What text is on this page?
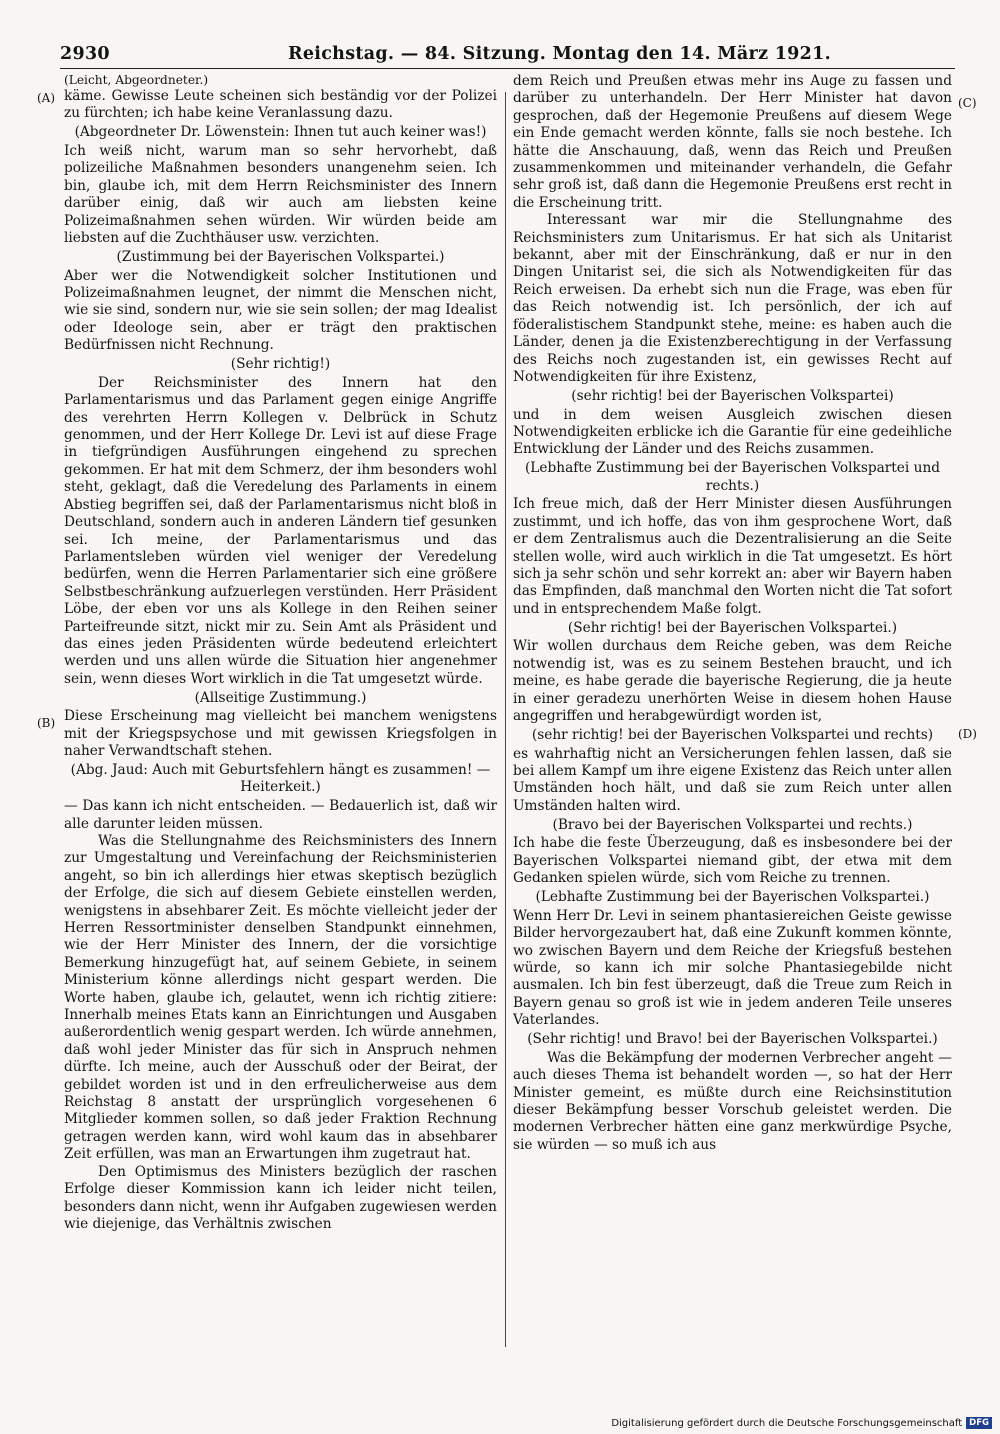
2930	Reichstag. — 84. Sitzung. Montag den 14. März 1921.
(A)
(B)
(C)
(D)

(Leicht, Abgeordneter.)

käme. Gewisse Leute scheinen sich beständig vor der Polizei zu fürchten; ich habe keine Veranlassung dazu.

(Abgeordneter Dr. Löwenstein: Ihnen tut auch keiner was!)

Ich weiß nicht, warum man so sehr hervorhebt, daß polizeiliche Maßnahmen besonders unangenehm seien. Ich bin, glaube ich, mit dem Herrn Reichsminister des Innern darüber einig, daß wir auch am liebsten keine Polizeimaßnahmen sehen würden. Wir würden beide am liebsten auf die Zuchthäuser usw. verzichten.

(Zustimmung bei der Bayerischen Volkspartei.)

Aber wer die Notwendigkeit solcher Institutionen und Polizeimaßnahmen leugnet, der nimmt die Menschen nicht, wie sie sind, sondern nur, wie sie sein sollen; der mag Idealist oder Ideologe sein, aber er trägt den praktischen Bedürfnissen nicht Rechnung.

(Sehr richtig!)

Der Reichsminister des Innern hat den Parlamentarismus und das Parlament gegen einige Angriffe des verehrten Herrn Kollegen v. Delbrück in Schutz genommen, und der Herr Kollege Dr. Levi ist auf diese Frage in tiefgründigen Ausführungen eingehend zu sprechen gekommen. Er hat mit dem Schmerz, der ihm besonders wohl steht, geklagt, daß die Veredelung des Parlaments in einem Abstieg begriffen sei, daß der Parlamentarismus nicht bloß in Deutschland, sondern auch in anderen Ländern tief gesunken sei. Ich meine, der Parlamentarismus und das Parlamentsleben würden viel weniger der Veredelung bedürfen, wenn die Herren Parlamentarier sich eine größere Selbstbeschränkung aufzuerlegen verstünden. Herr Präsident Löbe, der eben vor uns als Kollege in den Reihen seiner Parteifreunde sitzt, nickt mir zu. Sein Amt als Präsident und das eines jeden Präsidenten würde bedeutend erleichtert werden und uns allen würde die Situation hier angenehmer sein, wenn dieses Wort wirklich in die Tat umgesetzt würde.

(Allseitige Zustimmung.)

Diese Erscheinung mag vielleicht bei manchem wenigstens mit der Kriegspsychose und mit gewissen Kriegsfolgen in naher Verwandtschaft stehen.

(Abg. Jaud: Auch mit Geburtsfehlern hängt es zusammen! — Heiterkeit.)

— Das kann ich nicht entscheiden. — Bedauerlich ist, daß wir alle darunter leiden müssen.

Was die Stellungnahme des Reichsministers des Innern zur Umgestaltung und Vereinfachung der Reichsministerien angeht, so bin ich allerdings hier etwas skeptisch bezüglich der Erfolge, die sich auf diesem Gebiete einstellen werden, wenigstens in absehbarer Zeit. Es möchte vielleicht jeder der Herren Ressortminister denselben Standpunkt einnehmen, wie der Herr Minister des Innern, der die vorsichtige Bemerkung hinzugefügt hat, auf seinem Gebiete, in seinem Ministerium könne allerdings nicht gespart werden. Die Worte haben, glaube ich, gelautet, wenn ich richtig zitiere: Innerhalb meines Etats kann an Einrichtungen und Ausgaben außerordentlich wenig gespart werden. Ich würde annehmen, daß wohl jeder Minister das für sich in Anspruch nehmen dürfte. Ich meine, auch der Ausschuß oder der Beirat, der gebildet worden ist und in den erfreulicherweise aus dem Reichstag 8 anstatt der ursprünglich vorgesehenen 6 Mitglieder kommen sollen, so daß jeder Fraktion Rechnung getragen werden kann, wird wohl kaum das in absehbarer Zeit erfüllen, was man an Erwartungen ihm zugetraut hat.

Den Optimismus des Ministers bezüglich der raschen Erfolge dieser Kommission kann ich leider nicht teilen, besonders dann nicht, wenn ihr Aufgaben zugewiesen werden wie diejenige, das Verhältnis zwischen

dem Reich und Preußen etwas mehr ins Auge zu fassen und darüber zu unterhandeln. Der Herr Minister hat davon gesprochen, daß der Hegemonie Preußens auf diesem Wege ein Ende gemacht werden könnte, falls sie noch bestehe. Ich hätte die Anschauung, daß, wenn das Reich und Preußen zusammenkommen und miteinander verhandeln, die Gefahr sehr groß ist, daß dann die Hegemonie Preußens erst recht in die Erscheinung tritt.

Interessant war mir die Stellungnahme des Reichsministers zum Unitarismus. Er hat sich als Unitarist bekannt, aber mit der Einschränkung, daß er nur in den Dingen Unitarist sei, die sich als Notwendigkeiten für das Reich erweisen. Da erhebt sich nun die Frage, was eben für das Reich notwendig ist. Ich persönlich, der ich auf föderalistischem Standpunkt stehe, meine: es haben auch die Länder, denen ja die Existenzberechtigung in der Verfassung des Reichs noch zugestanden ist, ein gewisses Recht auf Notwendigkeiten für ihre Existenz,

(sehr richtig! bei der Bayerischen Volkspartei)

und in dem weisen Ausgleich zwischen diesen Notwendigkeiten erblicke ich die Garantie für eine gedeihliche Entwicklung der Länder und des Reichs zusammen.

(Lebhafte Zustimmung bei der Bayerischen Volkspartei und rechts.)

Ich freue mich, daß der Herr Minister diesen Ausführungen zustimmt, und ich hoffe, das von ihm gesprochene Wort, daß er dem Zentralismus auch die Dezentralisierung an die Seite stellen wolle, wird auch wirklich in die Tat umgesetzt. Es hört sich ja sehr schön und sehr korrekt an: aber wir Bayern haben das Empfinden, daß manchmal den Worten nicht die Tat sofort und in entsprechendem Maße folgt.

(Sehr richtig! bei der Bayerischen Volkspartei.)

Wir wollen durchaus dem Reiche geben, was dem Reiche notwendig ist, was es zu seinem Bestehen braucht, und ich meine, es habe gerade die bayerische Regierung, die ja heute in einer geradezu unerhörten Weise in diesem hohen Hause angegriffen und herabgewürdigt worden ist,

(sehr richtig! bei der Bayerischen Volkspartei und rechts)

es wahrhaftig nicht an Versicherungen fehlen lassen, daß sie bei allem Kampf um ihre eigene Existenz das Reich unter allen Umständen hoch hält, und daß sie zum Reich unter allen Umständen halten wird.

(Bravo bei der Bayerischen Volkspartei und rechts.)

Ich habe die feste Überzeugung, daß es insbesondere bei der Bayerischen Volkspartei niemand gibt, der etwa mit dem Gedanken spielen würde, sich vom Reiche zu trennen.

(Lebhafte Zustimmung bei der Bayerischen Volkspartei.)

Wenn Herr Dr. Levi in seinem phantasiereichen Geiste gewisse Bilder hervorgezaubert hat, daß eine Zukunft kommen könnte, wo zwischen Bayern und dem Reiche der Kriegsfuß bestehen würde, so kann ich mir solche Phantasiegebilde nicht ausmalen. Ich bin fest überzeugt, daß die Treue zum Reich in Bayern genau so groß ist wie in jedem anderen Teile unseres Vaterlandes.

(Sehr richtig! und Bravo! bei der Bayerischen Volkspartei.)

Was die Bekämpfung der modernen Verbrecher angeht — auch dieses Thema ist behandelt worden —, so hat der Herr Minister gemeint, es müßte durch eine Reichsinstitution dieser Bekämpfung besser Vorschub geleistet werden. Die modernen Verbrecher hätten eine ganz merkwürdige Psyche, sie würden — so muß ich aus

Digitalisierung gefördert durch die Deutsche Forschungsgemeinschaft DFG
